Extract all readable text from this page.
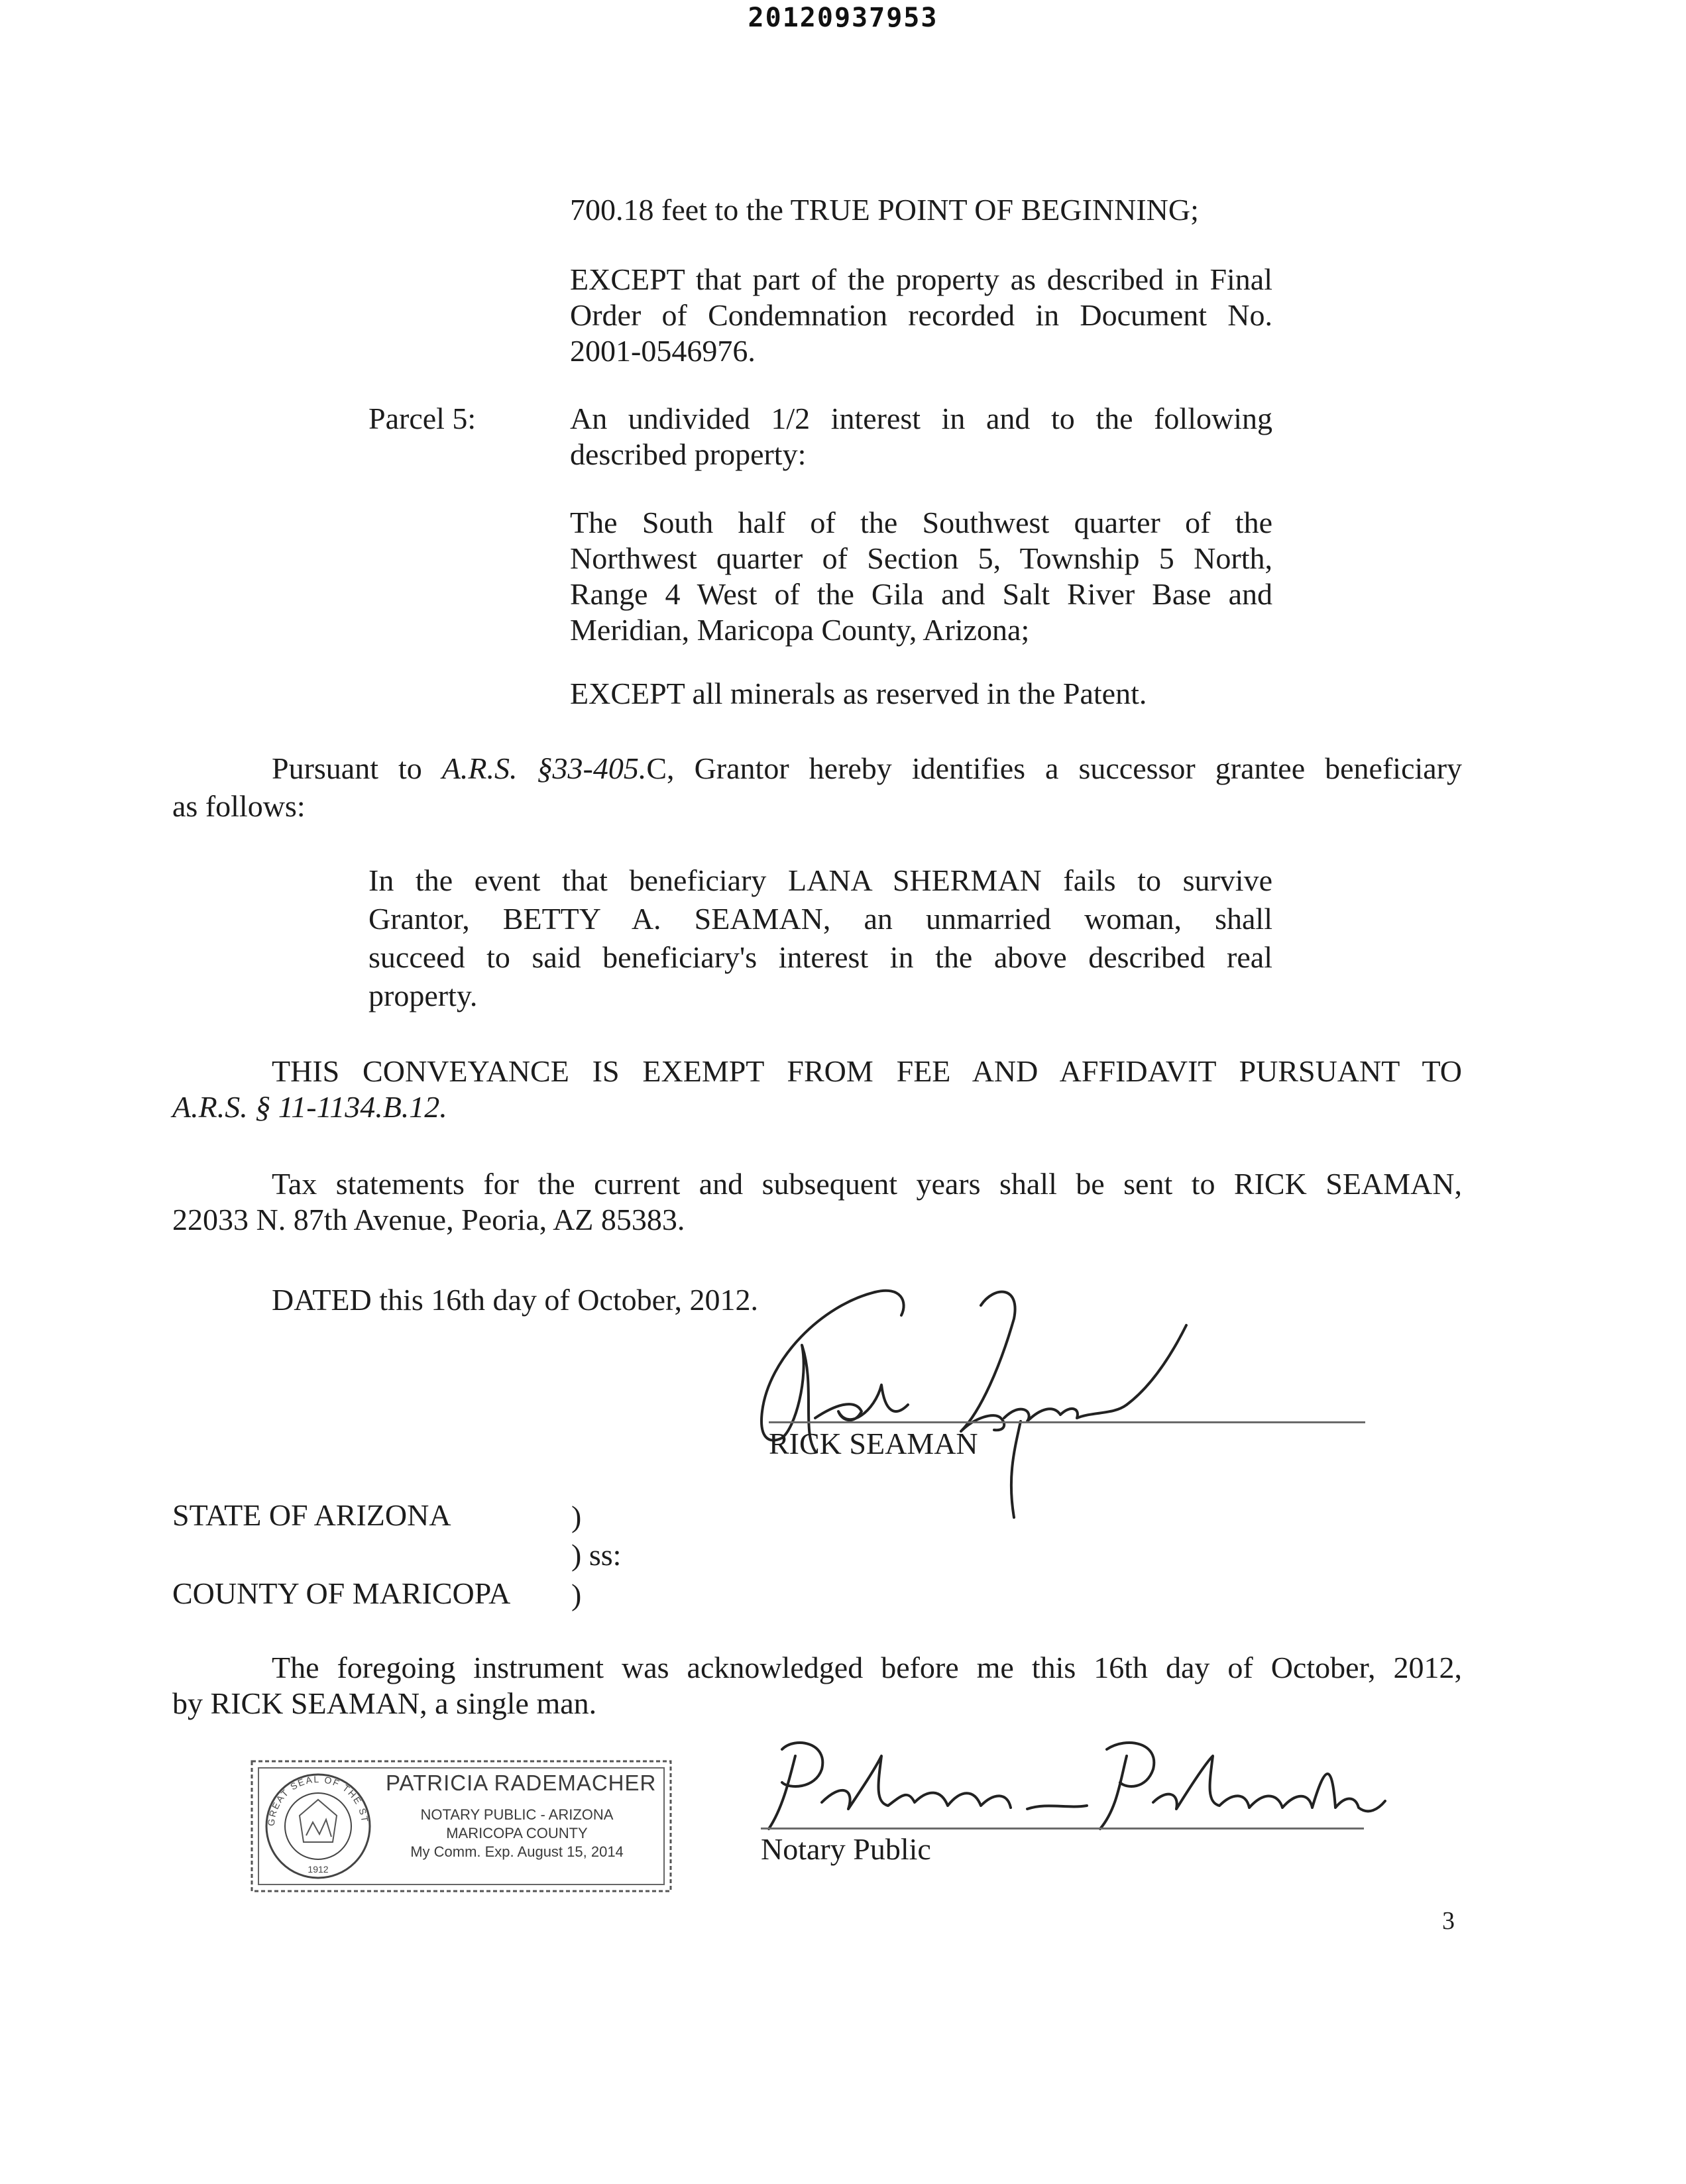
20120937953
700.18 feet to the TRUE POINT OF BEGINNING;
EXCEPT that part of the property as described in Final
Order of Condemnation recorded in Document No.
2001-0546976.
Parcel 5:	An undivided 1/2 interest in and to the following
described property:
The South half of the Southwest quarter of the
Northwest quarter of Section 5, Township 5 North,
Range 4 West of the Gila and Salt River Base and
Meridian, Maricopa County, Arizona;
EXCEPT all minerals as reserved in the Patent.
Pursuant to A.R.S. §33-405.C, Grantor hereby identifies a successor grantee beneficiary
as follows:
In the event that beneficiary LANA SHERMAN fails to survive
Grantor, BETTY A. SEAMAN, an unmarried woman, shall
succeed to said beneficiary's interest in the above described real
property.
THIS CONVEYANCE IS EXEMPT FROM FEE AND AFFIDAVIT PURSUANT TO
A.R.S. § 11-1134.B.12.
Tax statements for the current and subsequent years shall be sent to RICK SEAMAN,
22033 N. 87th Avenue, Peoria, AZ 85383.
DATED this 16th day of October, 2012.
RICK SEAMAN
STATE OF ARIZONA	)
) ss:
COUNTY OF MARICOPA )
The foregoing instrument was acknowledged before me this 16th day of October, 2012,
by RICK SEAMAN, a single man.
GREAT SEAL OF THE ST
1912
PATRICIA RADEMACHER
NOTARY PUBLIC - ARIZONA
MARICOPA COUNTY
My Comm. Exp. August 15, 2014	Notary Public
3
